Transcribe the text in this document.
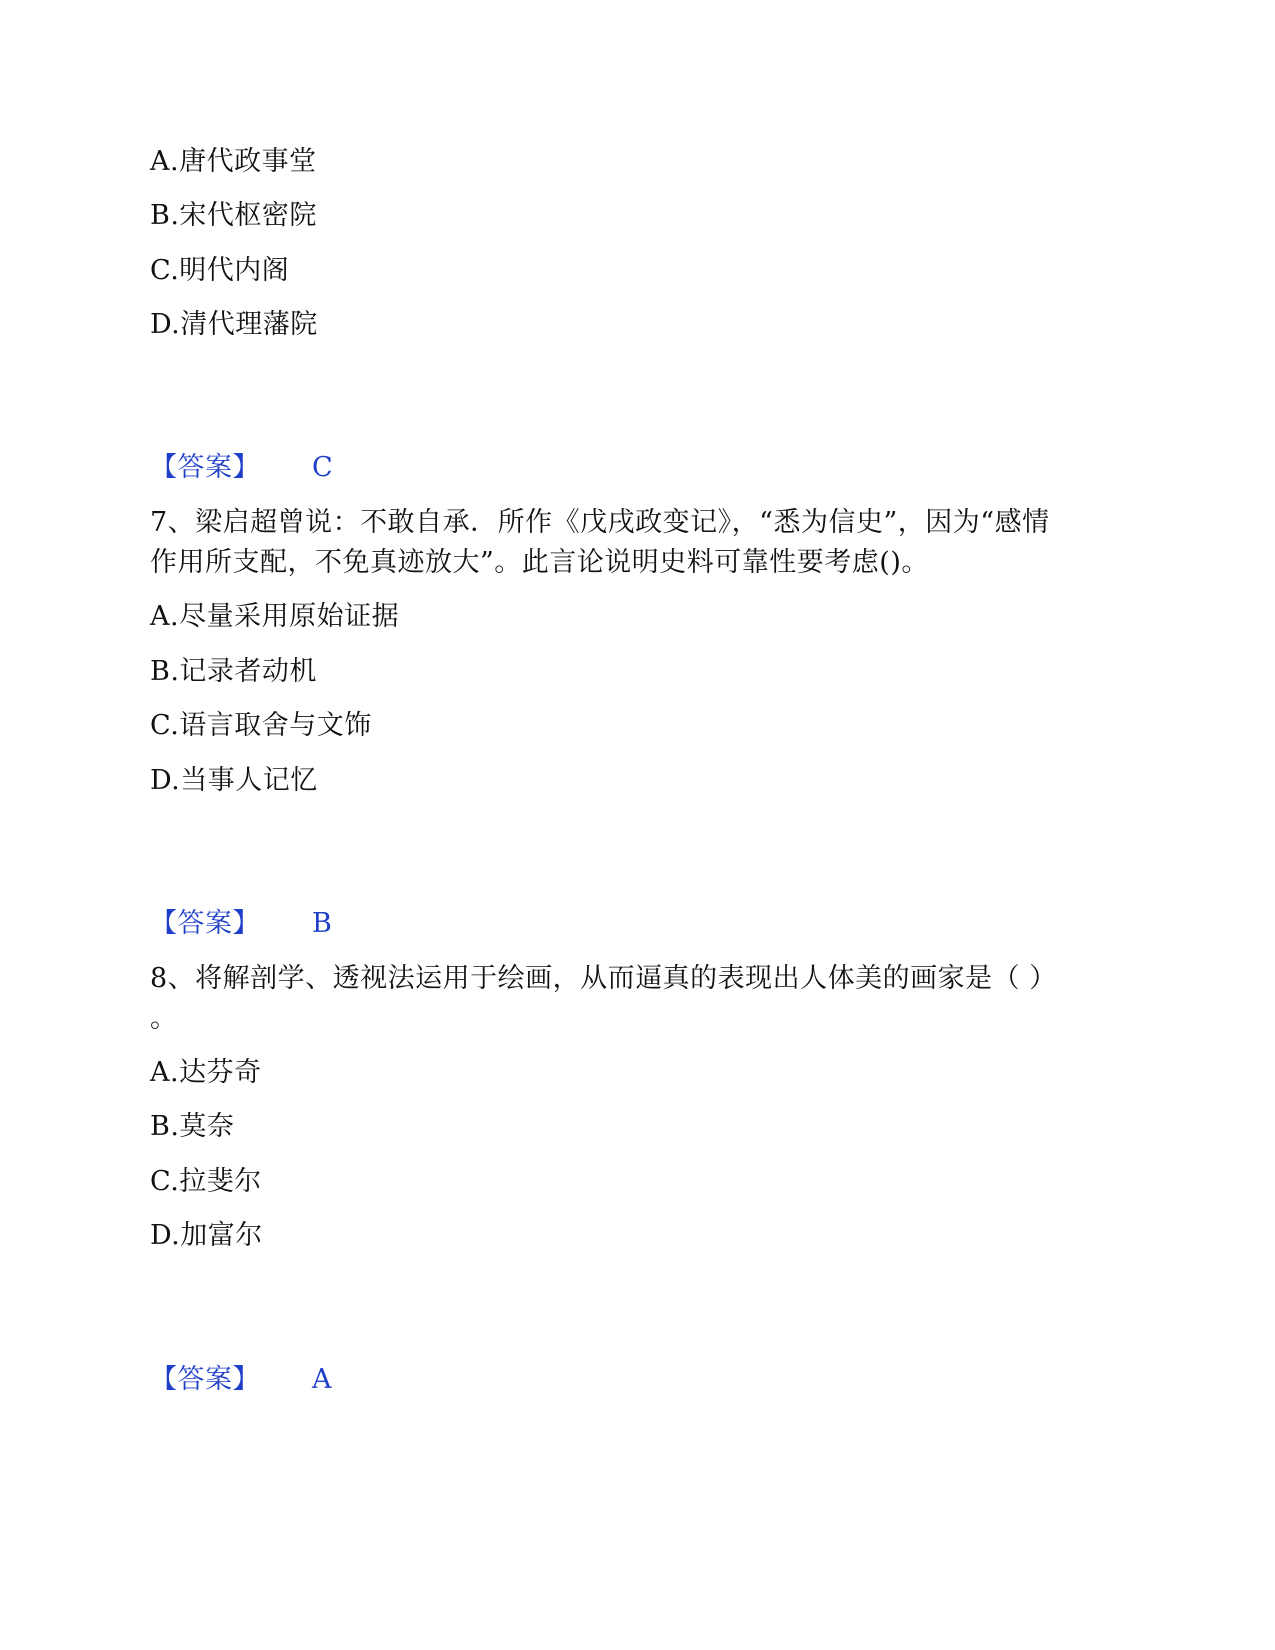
A.唐代政事堂

B.宋代枢密院

C.明代内阁

D.清代理藩院

【答案】 C

7、梁启超曾说：不敢自承．所作《戊戌政变记》，“悉为信史”，因为“感情

作用所支配，不免真迹放大”。此言论说明史料可靠性要考虑()。

A.尽量采用原始证据

B.记录者动机

C.语言取舍与文饰

D.当事人记忆

【答案】 B

8、将解剖学、透视法运用于绘画，从而逼真的表现出人体美的画家是（ ）

。

A.达芬奇

B.莫奈

C.拉斐尔

D.加富尔

【答案】 A
